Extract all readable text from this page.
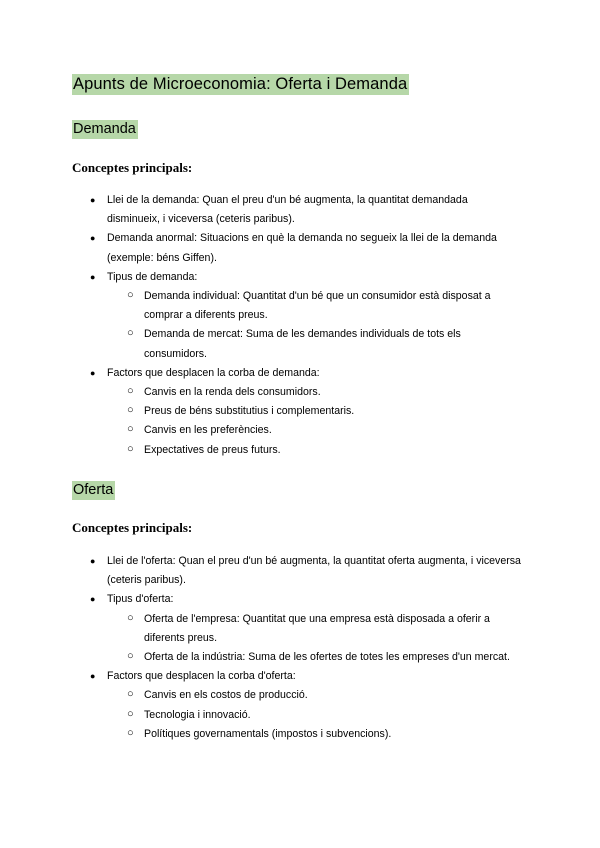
Apunts de Microeconomia: Oferta i Demanda
Demanda
Conceptes principals:
● Llei de la demanda: Quan el preu d'un bé augmenta, la quantitat demandada disminueix, i viceversa (ceteris paribus).
● Demanda anormal: Situacions en què la demanda no segueix la llei de la demanda (exemple: béns Giffen).
● Tipus de demanda:
○ Demanda individual: Quantitat d'un bé que un consumidor està disposat a comprar a diferents preus.
○ Demanda de mercat: Suma de les demandes individuals de tots els consumidors.
● Factors que desplacen la corba de demanda:
○ Canvis en la renda dels consumidors.
○ Preus de béns substitutius i complementaris.
○ Canvis en les preferències.
○ Expectatives de preus futurs.
Oferta
Conceptes principals:
● Llei de l'oferta: Quan el preu d'un bé augmenta, la quantitat oferta augmenta, i viceversa (ceteris paribus).
● Tipus d'oferta:
○ Oferta de l'empresa: Quantitat que una empresa està disposada a oferir a diferents preus.
○ Oferta de la indústria: Suma de les ofertes de totes les empreses d'un mercat.
● Factors que desplacen la corba d'oferta:
○ Canvis en els costos de producció.
○ Tecnologia i innovació.
○ Polítiques governamentals (impostos i subvencions).
